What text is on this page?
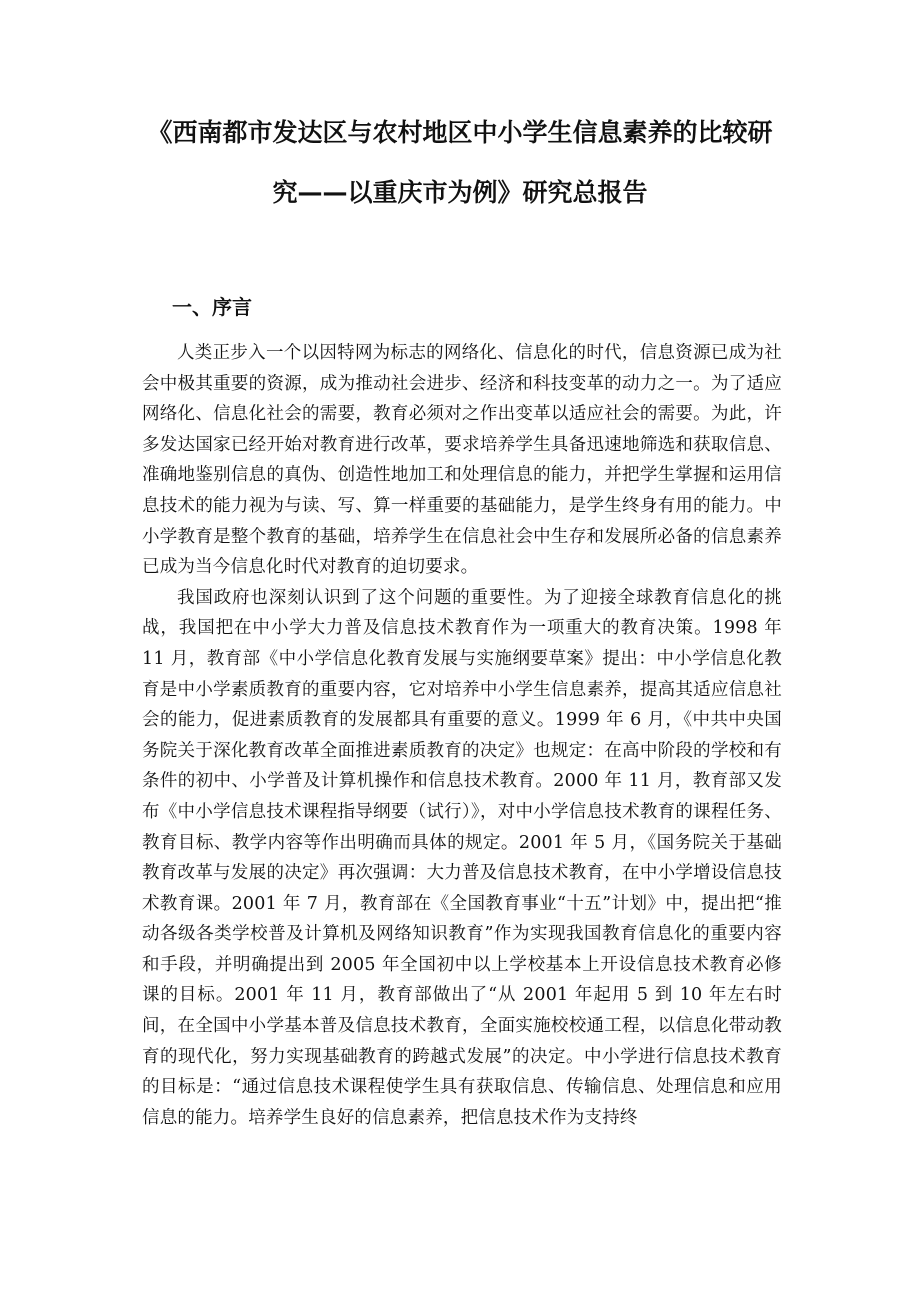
《西南都市发达区与农村地区中小学生信息素养的比较研
究——以重庆市为例》研究总报告
一、序言

人类正步入一个以因特网为标志的网络化、信息化的时代，信息资源已成为社会中极其重要的资源，成为推动社会进步、经济和科技变革的动力之一。为了适应网络化、信息化社会的需要，教育必须对之作出变革以适应社会的需要。为此，许多发达国家已经开始对教育进行改革，要求培养学生具备迅速地筛选和获取信息、准确地鉴别信息的真伪、创造性地加工和处理信息的能力，并把学生掌握和运用信息技术的能力视为与读、写、算一样重要的基础能力，是学生终身有用的能力。中小学教育是整个教育的基础，培养学生在信息社会中生存和发展所必备的信息素养已成为当今信息化时代对教育的迫切要求。

我国政府也深刻认识到了这个问题的重要性。为了迎接全球教育信息化的挑战，我国把在中小学大力普及信息技术教育作为一项重大的教育决策。1998 年 11 月，教育部《中小学信息化教育发展与实施纲要草案》提出：中小学信息化教育是中小学素质教育的重要内容，它对培养中小学生信息素养，提高其适应信息社会的能力，促进素质教育的发展都具有重要的意义。1999 年 6 月，《中共中央国务院关于深化教育改革全面推进素质教育的决定》也规定：在高中阶段的学校和有条件的初中、小学普及计算机操作和信息技术教育。2000 年 11 月，教育部又发布《中小学信息技术课程指导纲要（试行）》，对中小学信息技术教育的课程任务、教育目标、教学内容等作出明确而具体的规定。2001 年 5 月，《国务院关于基础教育改革与发展的决定》再次强调：大力普及信息技术教育，在中小学增设信息技术教育课。2001 年 7 月，教育部在《全国教育事业“十五”计划》中，提出把“推动各级各类学校普及计算机及网络知识教育”作为实现我国教育信息化的重要内容和手段，并明确提出到 2005 年全国初中以上学校基本上开设信息技术教育必修课的目标。2001 年 11 月，教育部做出了“从 2001 年起用 5 到 10 年左右时间，在全国中小学基本普及信息技术教育，全面实施校校通工程，以信息化带动教育的现代化，努力实现基础教育的跨越式发展”的决定。中小学进行信息技术教育的目标是：“通过信息技术课程使学生具有获取信息、传输信息、处理信息和应用信息的能力。培养学生良好的信息素养，把信息技术作为支持终
